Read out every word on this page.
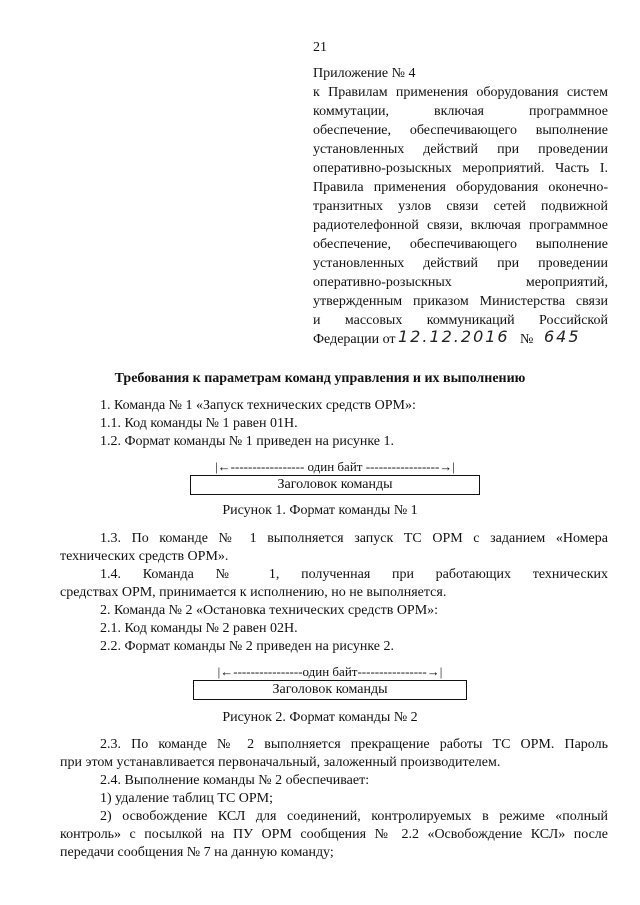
21
Приложение № 4
к Правилам применения оборудования систем
коммутации, включая программное
обеспечение, обеспечивающего выполнение
установленных действий при проведении
оперативно-розыскных мероприятий. Часть I.
Правила применения оборудования оконечно-
транзитных узлов связи сетей подвижной
радиотелефонной связи, включая программное
обеспечение, обеспечивающего выполнение
установленных действий при проведении
оперативно-розыскных мероприятий,
утвержденным приказом Министерства связи
и массовых коммуникаций Российской
Федерации от 12.12.2016 № 645
Требования к параметрам команд управления и их выполнению
1. Команда № 1 «Запуск технических средств ОРМ»:
1.1. Код команды № 1 равен 01Н.
1.2. Формат команды № 1 приведен на рисунке 1.
|←----------------- один байт -----------------→|
Заголовок команды
Рисунок 1. Формат команды № 1
1.3. По команде № 1 выполняется запуск ТС ОРМ с заданием «Номера
технических средств ОРМ».
1.4. Команда № 1, полученная при работающих технических
средствах ОРМ, принимается к исполнению, но не выполняется.
2. Команда № 2 «Остановка технических средств ОРМ»:
2.1. Код команды № 2 равен 02Н.
2.2. Формат команды № 2 приведен на рисунке 2.
|←----------------один байт----------------→|
Заголовок команды
Рисунок 2. Формат команды № 2
2.3. По команде № 2 выполняется прекращение работы ТС ОРМ. Пароль
при этом устанавливается первоначальный, заложенный производителем.
2.4. Выполнение команды № 2 обеспечивает:
1) удаление таблиц ТС ОРМ;
2) освобождение КСЛ для соединений, контролируемых в режиме «полный
контроль» с посылкой на ПУ ОРМ сообщения № 2.2 «Освобождение КСЛ» после
передачи сообщения № 7 на данную команду;
